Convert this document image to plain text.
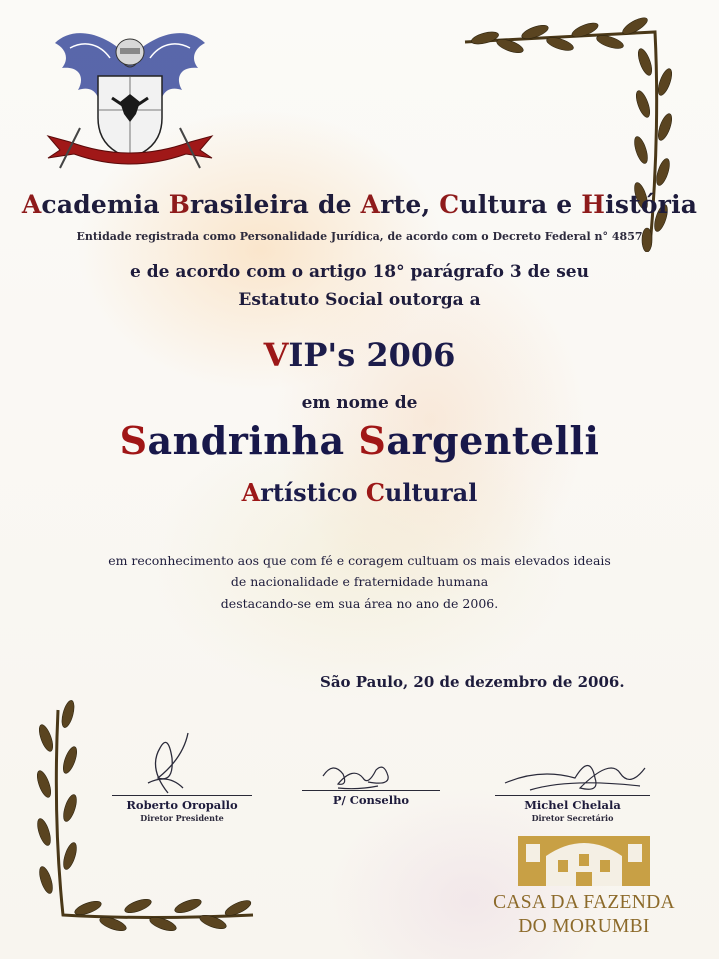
Academia Brasileira de Arte, Cultura e História
Entidade registrada como Personalidade Jurídica, de acordo com o Decreto Federal n° 4857
e de acordo com o artigo 18° parágrafo 3 de seu
Estatuto Social outorga a
VIP's 2006
em nome de
Sandrinha Sargentelli
Artístico Cultural
em reconhecimento aos que com fé e coragem cultuam os mais elevados ideais
de nacionalidade e fraternidade humana
destacando-se em sua área no ano de 2006.
São Paulo, 20 de dezembro de 2006.
Roberto Oropallo
Diretor Presidente
P/ Conselho	Michel Chelala
Diretor Secretário
CASA DA FAZENDA
DO MORUMBI
